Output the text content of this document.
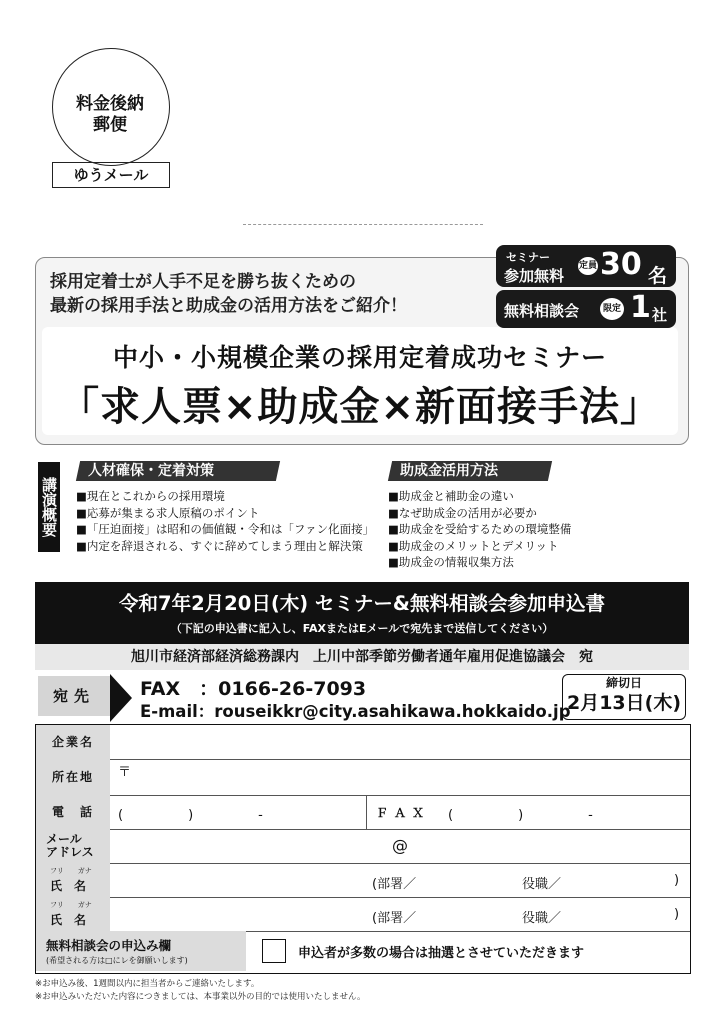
料金後納
郵便
ゆうメール
採用定着士が人手不足を勝ち抜くための
最新の採用手法と助成金の活用方法をご紹介！
中小・小規模企業の採用定着成功セミナー
「求人票×助成金×新面接手法」
セミナー
参加無料
定員 30 名
無料相談会	限定 1 社
講演概要
人材確保・定着対策
■現在とこれからの採用環境
■応募が集まる求人原稿のポイント
■「圧迫面接」は昭和の価値観・令和は「ファン化面接」
■内定を辞退される、すぐに辞めてしまう理由と解決策
助成金活用方法
■助成金と補助金の違い
■なぜ助成金の活用が必要か
■助成金を受給するための環境整備
■助成金のメリットとデメリット
■助成金の情報収集方法
令和7年2月20日(木) セミナー&無料相談会参加申込書
（下記の申込書に記入し、FAXまたはEメールで宛先まで送信してください）
旭川市経済部経済総務課内　上川中部季節労働者通年雇用促進協議会　宛
宛先	FAX　：0166-26-7093
E-mail：rouseikkr@city.asahikawa.hokkaido.jp
締切日
2月13日(木)
企業名
所在地	〒
電　話	(　　　　　)　　　　　-	ＦＡＸ (　　　　　)　　　　　-
メール
アドレス	@
フリ　　ガナ
氏　名	(部署／	役職／	)
フリ　　ガナ
氏　名	(部署／	役職／	)
無料相談会の申込み欄
(希望される方は□にレを御願いします)	申込者が多数の場合は抽選とさせていただきます
※お申込み後、1週間以内に担当者からご連絡いたします。
※お申込みいただいた内容につきましては、本事業以外の目的では使用いたしません。
